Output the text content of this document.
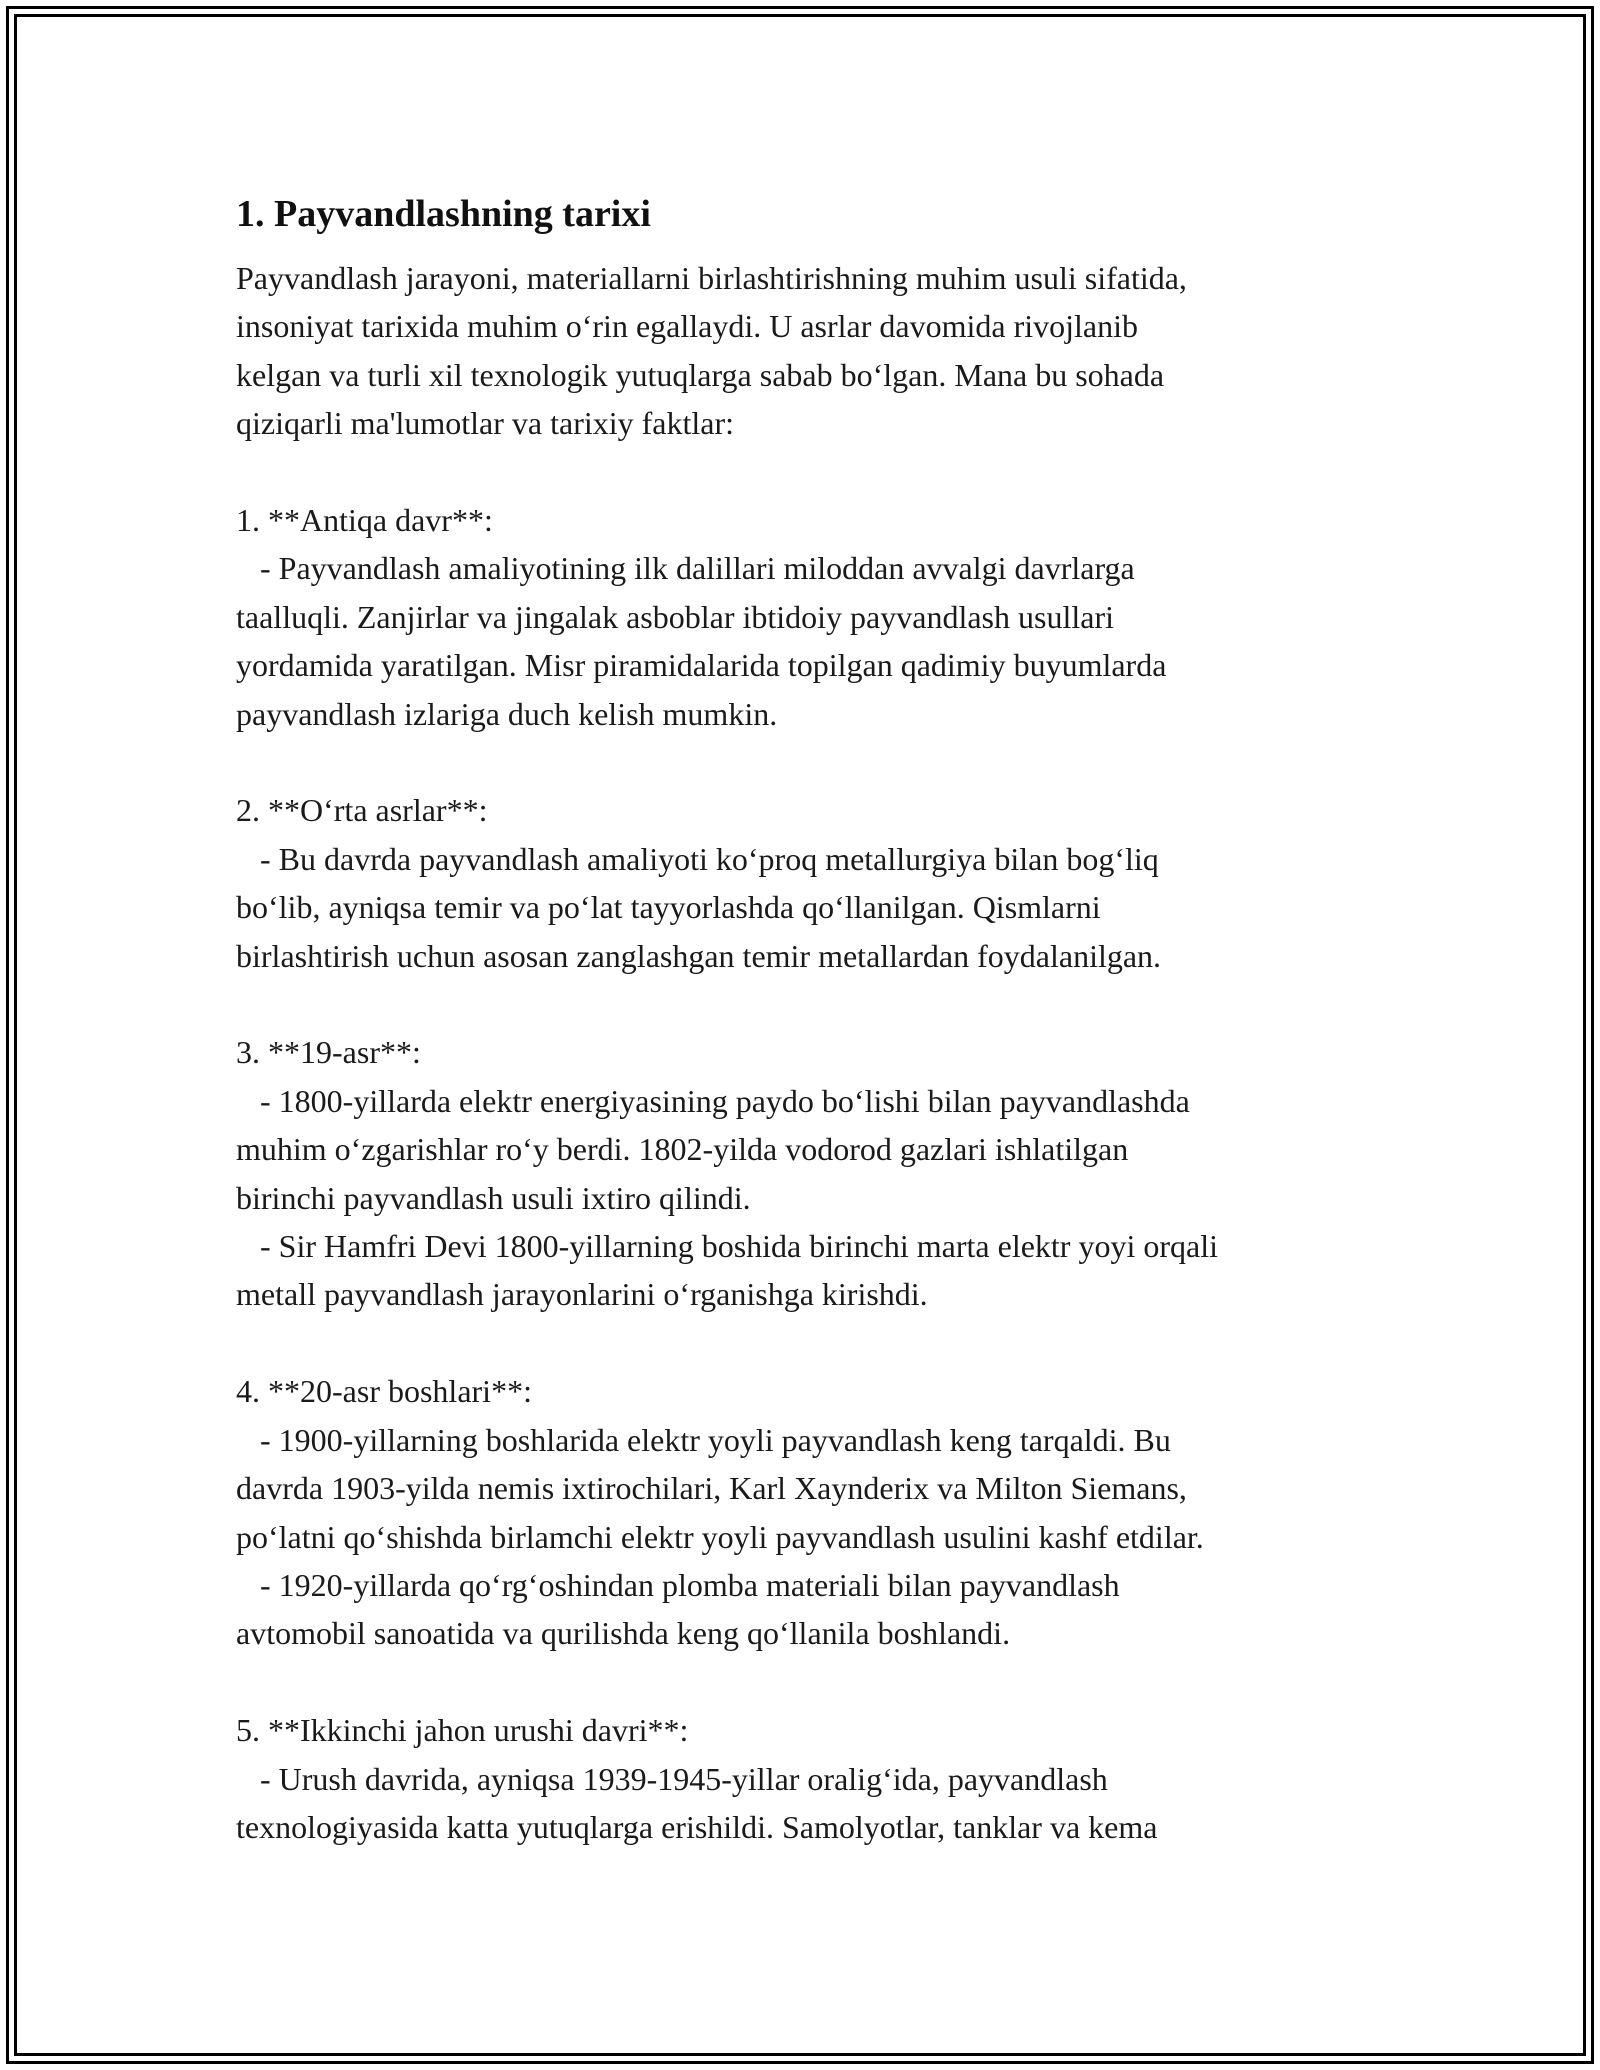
1. Payvandlashning tarixi

Payvandlash jarayoni, materiallarni birlashtirishning muhim usuli sifatida,
insoniyat tarixida muhim o‘rin egallaydi. U asrlar davomida rivojlanib
kelgan va turli xil texnologik yutuqlarga sabab bo‘lgan. Mana bu sohada
qiziqarli ma'lumotlar va tarixiy faktlar:

1. **Antiqa davr**:

- Payvandlash amaliyotining ilk dalillari miloddan avvalgi davrlarga
taalluqli. Zanjirlar va jingalak asboblar ibtidoiy payvandlash usullari
yordamida yaratilgan. Misr piramidalarida topilgan qadimiy buyumlarda
payvandlash izlariga duch kelish mumkin.

2. **O‘rta asrlar**:

- Bu davrda payvandlash amaliyoti ko‘proq metallurgiya bilan bog‘liq
bo‘lib, ayniqsa temir va po‘lat tayyorlashda qo‘llanilgan. Qismlarni
birlashtirish uchun asosan zanglashgan temir metallardan foydalanilgan.

3. **19-asr**:

- 1800-yillarda elektr energiyasining paydo bo‘lishi bilan payvandlashda
muhim o‘zgarishlar ro‘y berdi. 1802-yilda vodorod gazlari ishlatilgan
birinchi payvandlash usuli ixtiro qilindi.
- Sir Hamfri Devi 1800-yillarning boshida birinchi marta elektr yoyi orqali
metall payvandlash jarayonlarini o‘rganishga kirishdi.

4. **20-asr boshlari**:

- 1900-yillarning boshlarida elektr yoyli payvandlash keng tarqaldi. Bu
davrda 1903-yilda nemis ixtirochilari, Karl Xaynderix va Milton Siemans,
po‘latni qo‘shishda birlamchi elektr yoyli payvandlash usulini kashf etdilar.
- 1920-yillarda qo‘rg‘oshindan plomba materiali bilan payvandlash
avtomobil sanoatida va qurilishda keng qo‘llanila boshlandi.

5. **Ikkinchi jahon urushi davri**:

- Urush davrida, ayniqsa 1939-1945-yillar oralig‘ida, payvandlash
texnologiyasida katta yutuqlarga erishildi. Samolyotlar, tanklar va kema
